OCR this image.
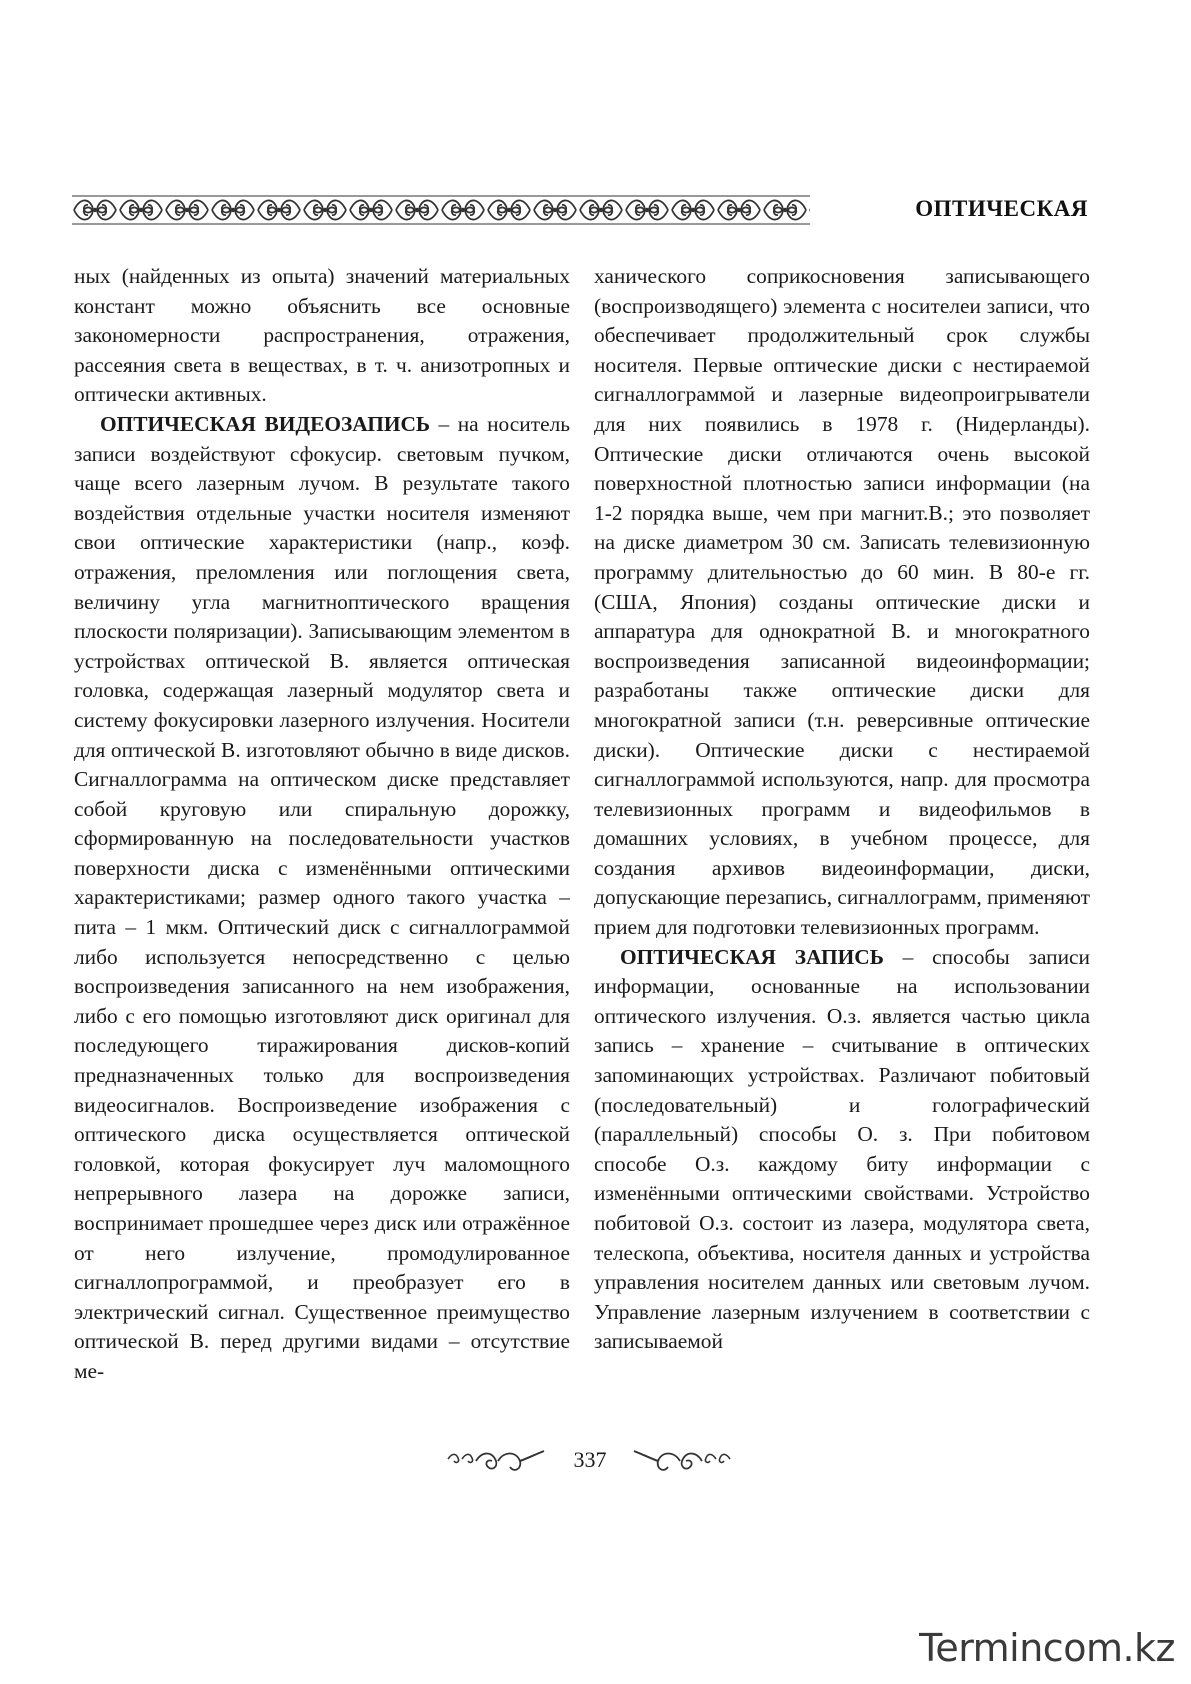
ОПТИЧЕСКАЯ

ных (найденных из опыта) значений материальных констант можно объяснить все основные закономерности распространения, отражения, рассеяния света в веществах, в т. ч. анизотропных и оптически активных.

ОПТИЧЕСКАЯ ВИДЕОЗАПИСЬ – на носитель записи воздействуют сфокусир. световым пучком, чаще всего лазерным лучом. В результате такого воздействия отдельные участки носителя изменяют свои оптические характеристики (напр., коэф. отражения, преломления или поглощения света, величину угла магнитноптического вращения плоскости поляризации). Записывающим элементом в устройствах оптической В. является оптическая головка, содержащая лазерный модулятор света и систему фокусировки лазерного излучения. Носители для оптической В. изготовляют обычно в виде дисков. Сигналлограмма на оптическом диске представляет собой круговую или спиральную дорожку, сформированную на последовательности участков поверхности диска с изменёнными оптическими характеристиками; размер одного такого участка – пита – 1 мкм. Оптический диск с сигналлограммой либо используется непосредственно с целью воспроизведения записанного на нем изображения, либо с его помощью изготовляют диск оригинал для последующего тиражирования дисков-копий предназначенных только для воспроизведения видеосигналов. Воспроизведение изображения с оптического диска осуществляется оптической головкой, которая фокусирует луч маломощного непрерывного лазера на дорожке записи, воспринимает прошедшее через диск или отражённое от него излучение, промодулированное сигналлопрограммой, и преобразует его в электрический сигнал. Существенное преимущество оптической В. перед другими видами – отсутствие ме-

ханического соприкосновения записывающего (воспроизводящего) элемента с носителеи записи, что обеспечивает продолжительный срок службы носителя. Первые оптические диски с нестираемой сигналлограммой и лазерные видеопроигрыватели для них появились в 1978 г. (Нидерланды). Оптические диски отличаются очень высокой поверхностной плотностью записи информации (на 1-2 порядка выше, чем при магнит.В.; это позволяет на диске диаметром 30 см. Записать телевизионную программу длительностью до 60 мин. В 80-е гг. (США, Япония) созданы оптические диски и аппаратура для однократной В. и многократного воспроизведения записанной видеоинформации; разработаны также оптические диски для многократной записи (т.н. реверсивные оптические диски). Оптические диски с нестираемой сигналлограммой используются, напр. для просмотра телевизионных программ и видеофильмов в домашних условиях, в учебном процессе, для создания архивов видеоинформации, диски, допускающие перезапись, сигналлограмм, применяют прием для подготовки телевизионных программ.

ОПТИЧЕСКАЯ ЗАПИСЬ – способы записи информации, основанные на использовании оптического излучения. О.з. является частью цикла запись – хранение – считывание в оптических запоминающих устройствах. Различают побитовый (последовательный) и голографический (параллельный) способы О. з. При побитовом способе О.з. каждому биту информации с изменёнными оптическими свойствами. Устройство побитовой О.з. состоит из лазера, модулятора света, телескопа, объектива, носителя данных и устройства управления носителем данных или световым лучом. Управление лазерным излучением в соответствии с записываемой

337
Termincom.kz
